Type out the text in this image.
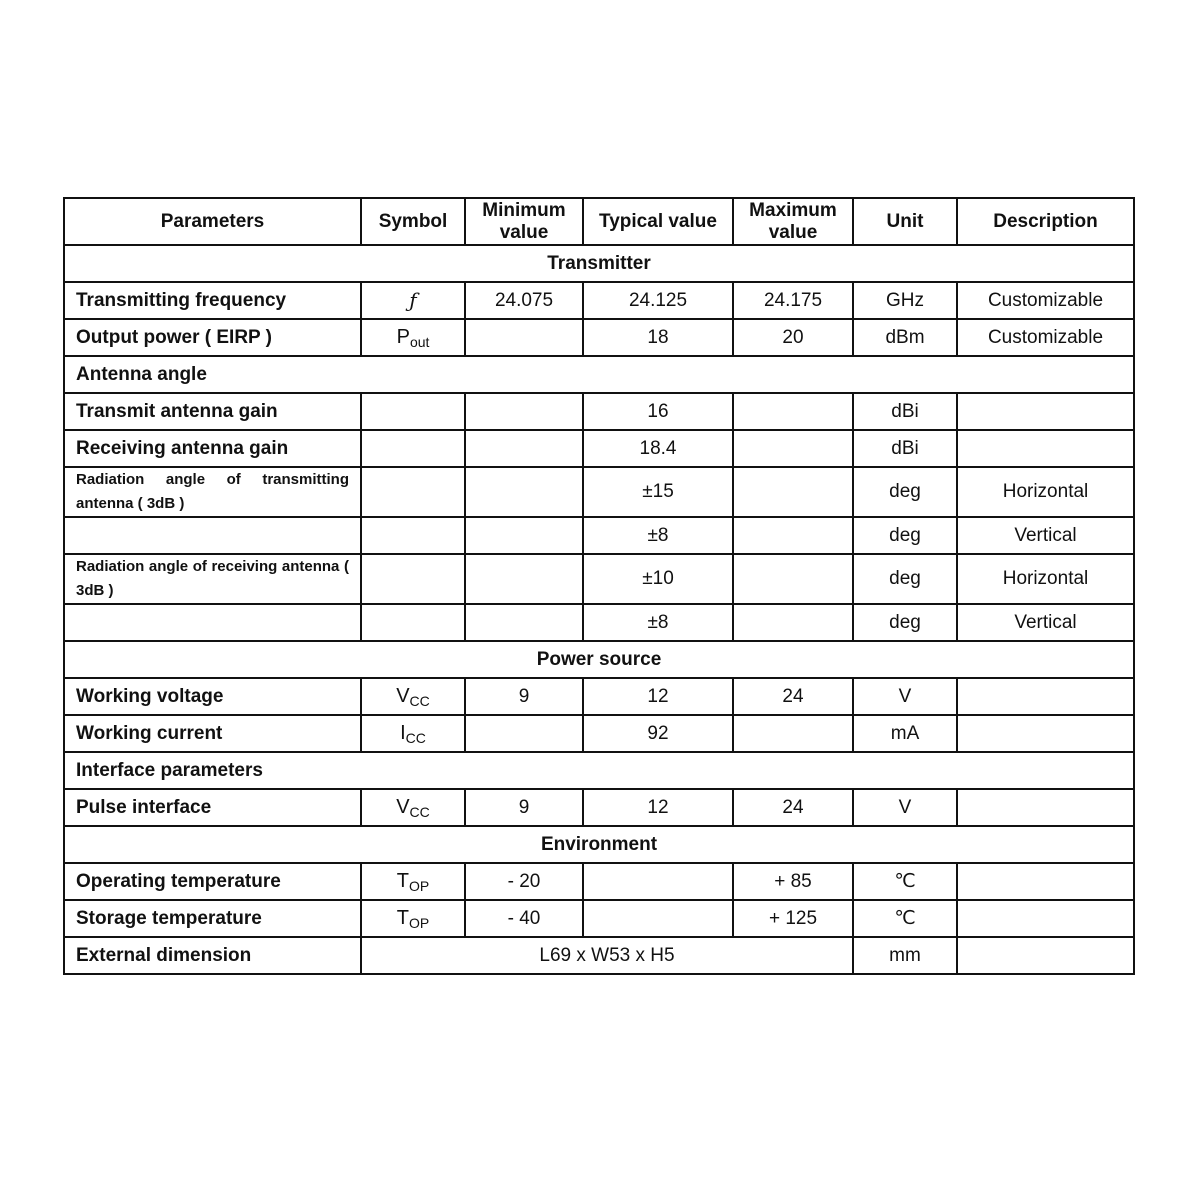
Parameters	Symbol	Minimum value	Typical value	Maximum value	Unit	Description
Transmitter						
Transmitting frequency	ƒ	24.075	24.125	24.175	GHz	Customizable
Output power ( EIRP )	$P_{out}$		18	20	dBm	Customizable
Antenna angle						
Transmit antenna gain			16		dBi	
Receiving antenna gain			18.4		dBi	
Radiation angle of transmitting antenna ( 3dB )			±15		deg	Horizontal
			±8		deg	Vertical
Radiation angle of receiving antenna ( 3dB )			±10		deg	Horizontal
			±8		deg	Vertical
Power source						
Working voltage	$V_{CC}$	9	12	24	V	
Working current	$I_{CC}$		92		mA	
Interface parameters						
Pulse interface	$V_{CC}$	9	12	24	V	
Environment						
Operating temperature	$T_{OP}$	- 20		+ 85	℃	
Storage temperature	$T_{OP}$	- 40		+ 125	℃	
External dimension	L69 x W53 x H5				mm	
